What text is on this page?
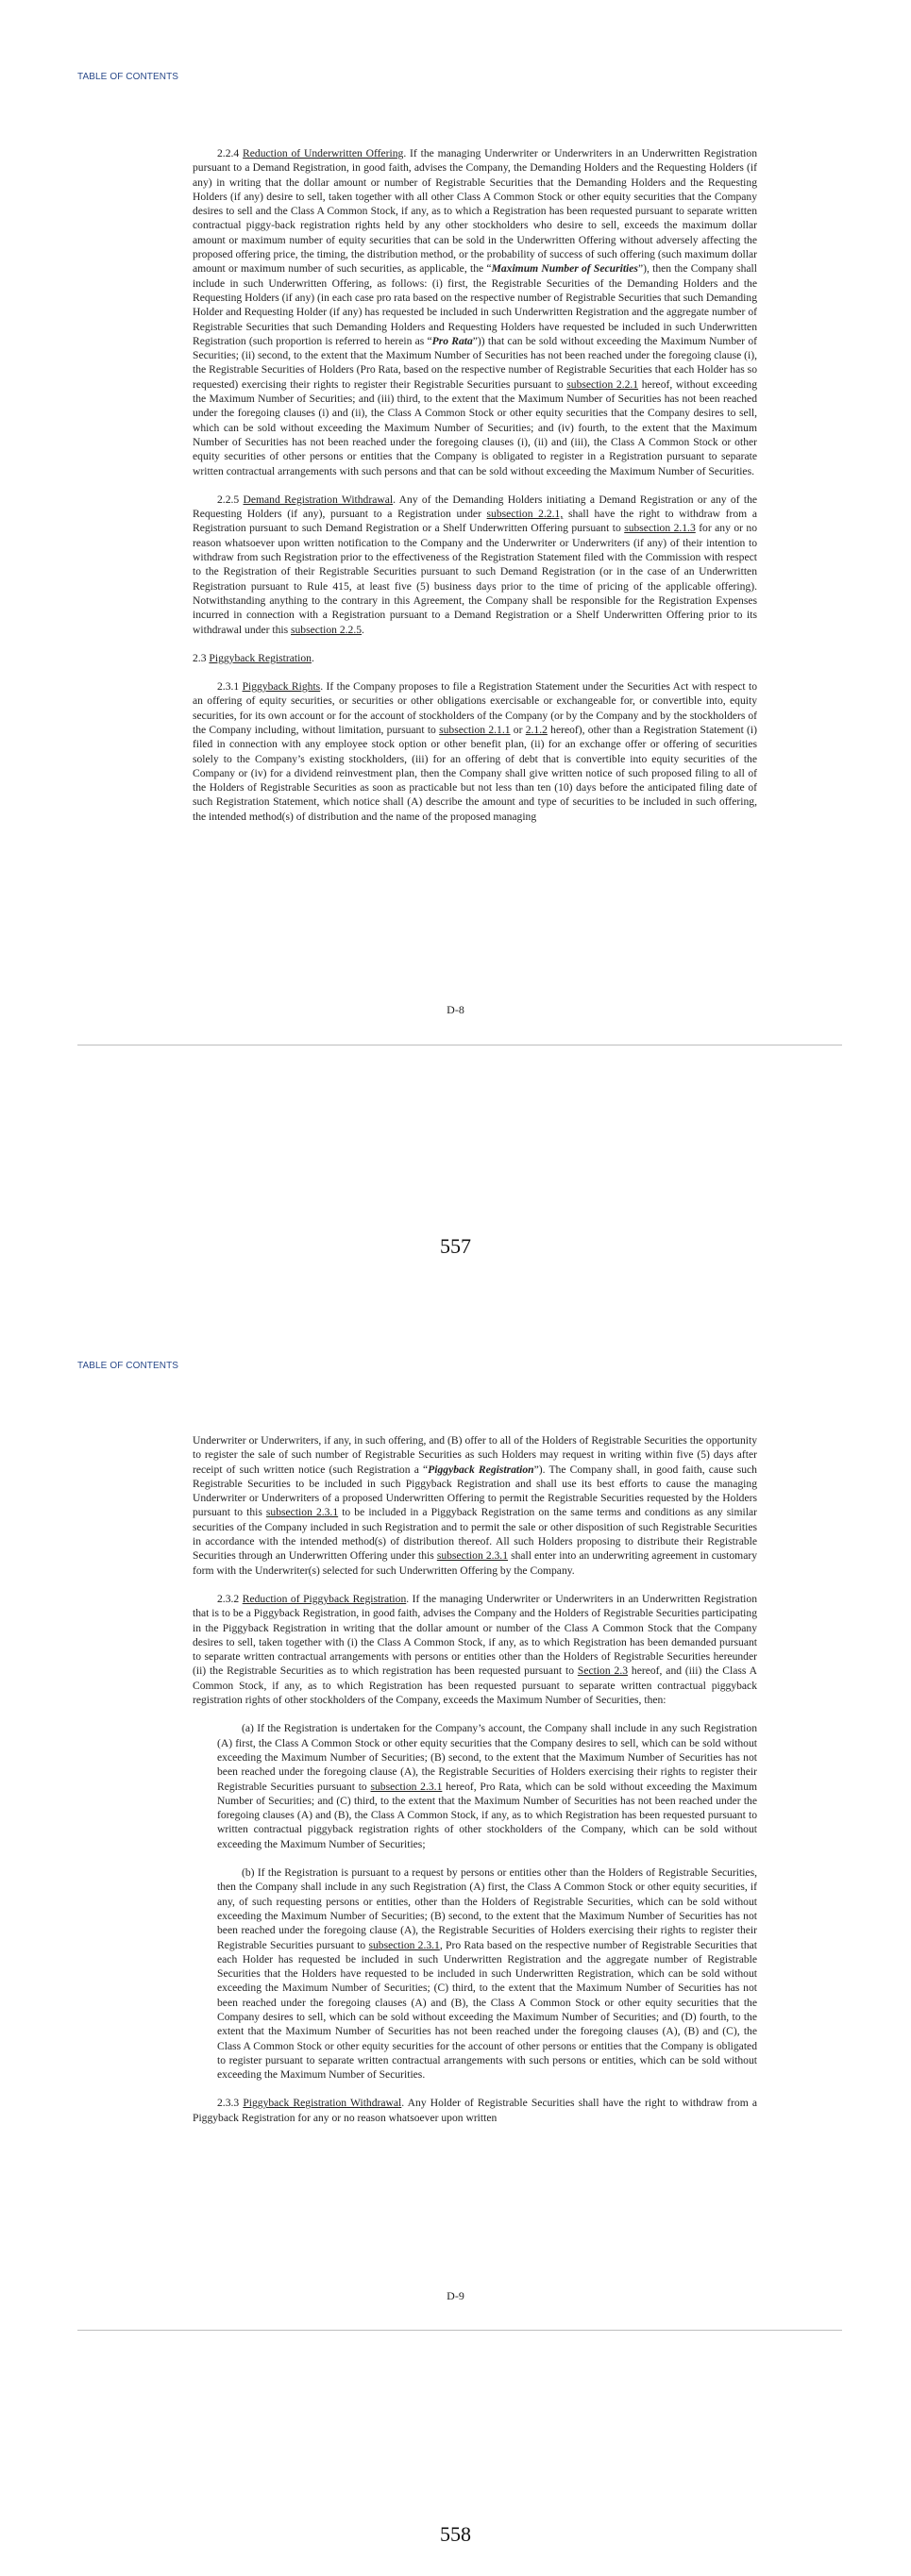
TABLE OF CONTENTS

2.2.4 Reduction of Underwritten Offering. If the managing Underwriter or Underwriters in an Underwritten Registration pursuant to a Demand Registration, in good faith, advises the Company, the Demanding Holders and the Requesting Holders (if any) in writing that the dollar amount or number of Registrable Securities that the Demanding Holders and the Requesting Holders (if any) desire to sell, taken together with all other Class A Common Stock or other equity securities that the Company desires to sell and the Class A Common Stock, if any, as to which a Registration has been requested pursuant to separate written contractual piggy-back registration rights held by any other stockholders who desire to sell, exceeds the maximum dollar amount or maximum number of equity securities that can be sold in the Underwritten Offering without adversely affecting the proposed offering price, the timing, the distribution method, or the probability of success of such offering (such maximum dollar amount or maximum number of such securities, as applicable, the “Maximum Number of Securities”), then the Company shall include in such Underwritten Offering, as follows: (i) first, the Registrable Securities of the Demanding Holders and the Requesting Holders (if any) (in each case pro rata based on the respective number of Registrable Securities that such Demanding Holder and Requesting Holder (if any) has requested be included in such Underwritten Registration and the aggregate number of Registrable Securities that such Demanding Holders and Requesting Holders have requested be included in such Underwritten Registration (such proportion is referred to herein as “Pro Rata”)) that can be sold without exceeding the Maximum Number of Securities; (ii) second, to the extent that the Maximum Number of Securities has not been reached under the foregoing clause (i), the Registrable Securities of Holders (Pro Rata, based on the respective number of Registrable Securities that each Holder has so requested) exercising their rights to register their Registrable Securities pursuant to subsection 2.2.1 hereof, without exceeding the Maximum Number of Securities; and (iii) third, to the extent that the Maximum Number of Securities has not been reached under the foregoing clauses (i) and (ii), the Class A Common Stock or other equity securities that the Company desires to sell, which can be sold without exceeding the Maximum Number of Securities; and (iv) fourth, to the extent that the Maximum Number of Securities has not been reached under the foregoing clauses (i), (ii) and (iii), the Class A Common Stock or other equity securities of other persons or entities that the Company is obligated to register in a Registration pursuant to separate written contractual arrangements with such persons and that can be sold without exceeding the Maximum Number of Securities.

2.2.5 Demand Registration Withdrawal. Any of the Demanding Holders initiating a Demand Registration or any of the Requesting Holders (if any), pursuant to a Registration under subsection 2.2.1, shall have the right to withdraw from a Registration pursuant to such Demand Registration or a Shelf Underwritten Offering pursuant to subsection 2.1.3 for any or no reason whatsoever upon written notification to the Company and the Underwriter or Underwriters (if any) of their intention to withdraw from such Registration prior to the effectiveness of the Registration Statement filed with the Commission with respect to the Registration of their Registrable Securities pursuant to such Demand Registration (or in the case of an Underwritten Registration pursuant to Rule 415, at least five (5) business days prior to the time of pricing of the applicable offering). Notwithstanding anything to the contrary in this Agreement, the Company shall be responsible for the Registration Expenses incurred in connection with a Registration pursuant to a Demand Registration or a Shelf Underwritten Offering prior to its withdrawal under this subsection 2.2.5.

2.3 Piggyback Registration.

2.3.1 Piggyback Rights. If the Company proposes to file a Registration Statement under the Securities Act with respect to an offering of equity securities, or securities or other obligations exercisable or exchangeable for, or convertible into, equity securities, for its own account or for the account of stockholders of the Company (or by the Company and by the stockholders of the Company including, without limitation, pursuant to subsection 2.1.1 or 2.1.2 hereof), other than a Registration Statement (i) filed in connection with any employee stock option or other benefit plan, (ii) for an exchange offer or offering of securities solely to the Company’s existing stockholders, (iii) for an offering of debt that is convertible into equity securities of the Company or (iv) for a dividend reinvestment plan, then the Company shall give written notice of such proposed filing to all of the Holders of Registrable Securities as soon as practicable but not less than ten (10) days before the anticipated filing date of such Registration Statement, which notice shall (A) describe the amount and type of securities to be included in such offering, the intended method(s) of distribution and the name of the proposed managing

D-8
557
TABLE OF CONTENTS

Underwriter or Underwriters, if any, in such offering, and (B) offer to all of the Holders of Registrable Securities the opportunity to register the sale of such number of Registrable Securities as such Holders may request in writing within five (5) days after receipt of such written notice (such Registration a “Piggyback Registration”). The Company shall, in good faith, cause such Registrable Securities to be included in such Piggyback Registration and shall use its best efforts to cause the managing Underwriter or Underwriters of a proposed Underwritten Offering to permit the Registrable Securities requested by the Holders pursuant to this subsection 2.3.1 to be included in a Piggyback Registration on the same terms and conditions as any similar securities of the Company included in such Registration and to permit the sale or other disposition of such Registrable Securities in accordance with the intended method(s) of distribution thereof. All such Holders proposing to distribute their Registrable Securities through an Underwritten Offering under this subsection 2.3.1 shall enter into an underwriting agreement in customary form with the Underwriter(s) selected for such Underwritten Offering by the Company.

2.3.2 Reduction of Piggyback Registration. If the managing Underwriter or Underwriters in an Underwritten Registration that is to be a Piggyback Registration, in good faith, advises the Company and the Holders of Registrable Securities participating in the Piggyback Registration in writing that the dollar amount or number of the Class A Common Stock that the Company desires to sell, taken together with (i) the Class A Common Stock, if any, as to which Registration has been demanded pursuant to separate written contractual arrangements with persons or entities other than the Holders of Registrable Securities hereunder (ii) the Registrable Securities as to which registration has been requested pursuant to Section 2.3 hereof, and (iii) the Class A Common Stock, if any, as to which Registration has been requested pursuant to separate written contractual piggyback registration rights of other stockholders of the Company, exceeds the Maximum Number of Securities, then:

(a) If the Registration is undertaken for the Company’s account, the Company shall include in any such Registration (A) first, the Class A Common Stock or other equity securities that the Company desires to sell, which can be sold without exceeding the Maximum Number of Securities; (B) second, to the extent that the Maximum Number of Securities has not been reached under the foregoing clause (A), the Registrable Securities of Holders exercising their rights to register their Registrable Securities pursuant to subsection 2.3.1 hereof, Pro Rata, which can be sold without exceeding the Maximum Number of Securities; and (C) third, to the extent that the Maximum Number of Securities has not been reached under the foregoing clauses (A) and (B), the Class A Common Stock, if any, as to which Registration has been requested pursuant to written contractual piggyback registration rights of other stockholders of the Company, which can be sold without exceeding the Maximum Number of Securities;

(b) If the Registration is pursuant to a request by persons or entities other than the Holders of Registrable Securities, then the Company shall include in any such Registration (A) first, the Class A Common Stock or other equity securities, if any, of such requesting persons or entities, other than the Holders of Registrable Securities, which can be sold without exceeding the Maximum Number of Securities; (B) second, to the extent that the Maximum Number of Securities has not been reached under the foregoing clause (A), the Registrable Securities of Holders exercising their rights to register their Registrable Securities pursuant to subsection 2.3.1, Pro Rata based on the respective number of Registrable Securities that each Holder has requested be included in such Underwritten Registration and the aggregate number of Registrable Securities that the Holders have requested to be included in such Underwritten Registration, which can be sold without exceeding the Maximum Number of Securities; (C) third, to the extent that the Maximum Number of Securities has not been reached under the foregoing clauses (A) and (B), the Class A Common Stock or other equity securities that the Company desires to sell, which can be sold without exceeding the Maximum Number of Securities; and (D) fourth, to the extent that the Maximum Number of Securities has not been reached under the foregoing clauses (A), (B) and (C), the Class A Common Stock or other equity securities for the account of other persons or entities that the Company is obligated to register pursuant to separate written contractual arrangements with such persons or entities, which can be sold without exceeding the Maximum Number of Securities.

2.3.3 Piggyback Registration Withdrawal. Any Holder of Registrable Securities shall have the right to withdraw from a Piggyback Registration for any or no reason whatsoever upon written

D-9
558
